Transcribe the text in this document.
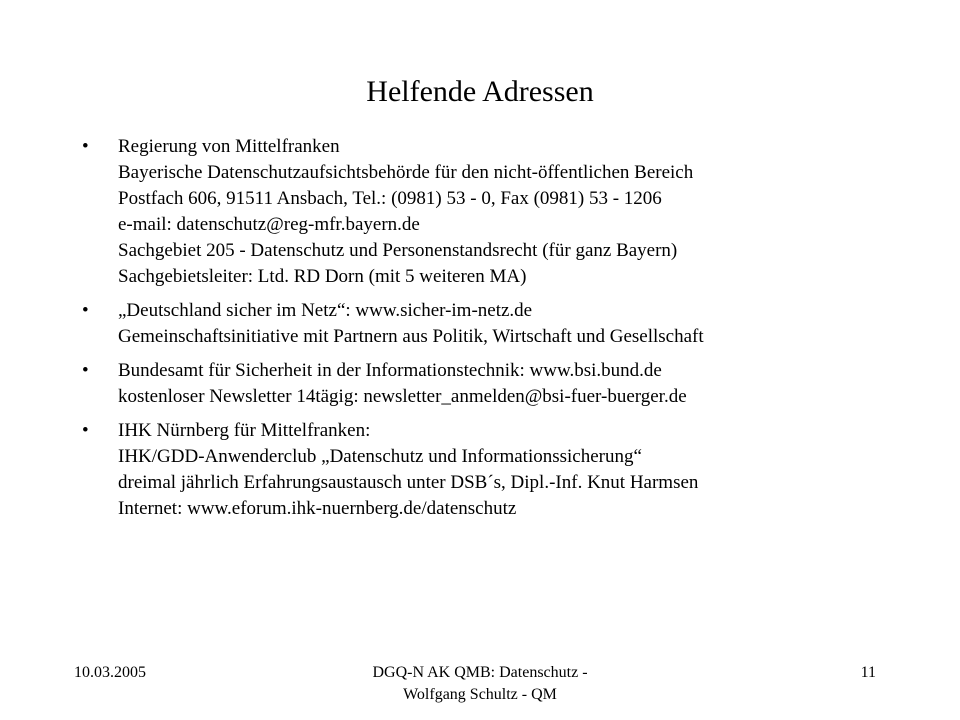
Helfende Adressen
•	Regierung von Mittelfranken
Bayerische Datenschutzaufsichtsbehörde für den nicht-öffentlichen Bereich
Postfach 606, 91511 Ansbach, Tel.: (0981) 53 - 0, Fax (0981) 53 - 1206
e-mail: datenschutz@reg-mfr.bayern.de
Sachgebiet 205 - Datenschutz und Personenstandsrecht (für ganz Bayern)
Sachgebietsleiter: Ltd. RD Dorn (mit 5 weiteren MA)
•	„Deutschland sicher im Netz“: www.sicher-im-netz.de
Gemeinschaftsinitiative mit Partnern aus Politik, Wirtschaft und Gesellschaft
•	Bundesamt für Sicherheit in der Informationstechnik: www.bsi.bund.de
kostenloser Newsletter 14tägig: newsletter_anmelden@bsi-fuer-buerger.de
•	IHK Nürnberg für Mittelfranken:
IHK/GDD-Anwenderclub „Datenschutz und Informationssicherung“
dreimal jährlich Erfahrungsaustausch unter DSB´s, Dipl.-Inf. Knut Harmsen
Internet: www.eforum.ihk-nuernberg.de/datenschutz
10.03.2005	DGQ-N AK QMB: Datenschutz -
Wolfgang Schultz - QM
11
